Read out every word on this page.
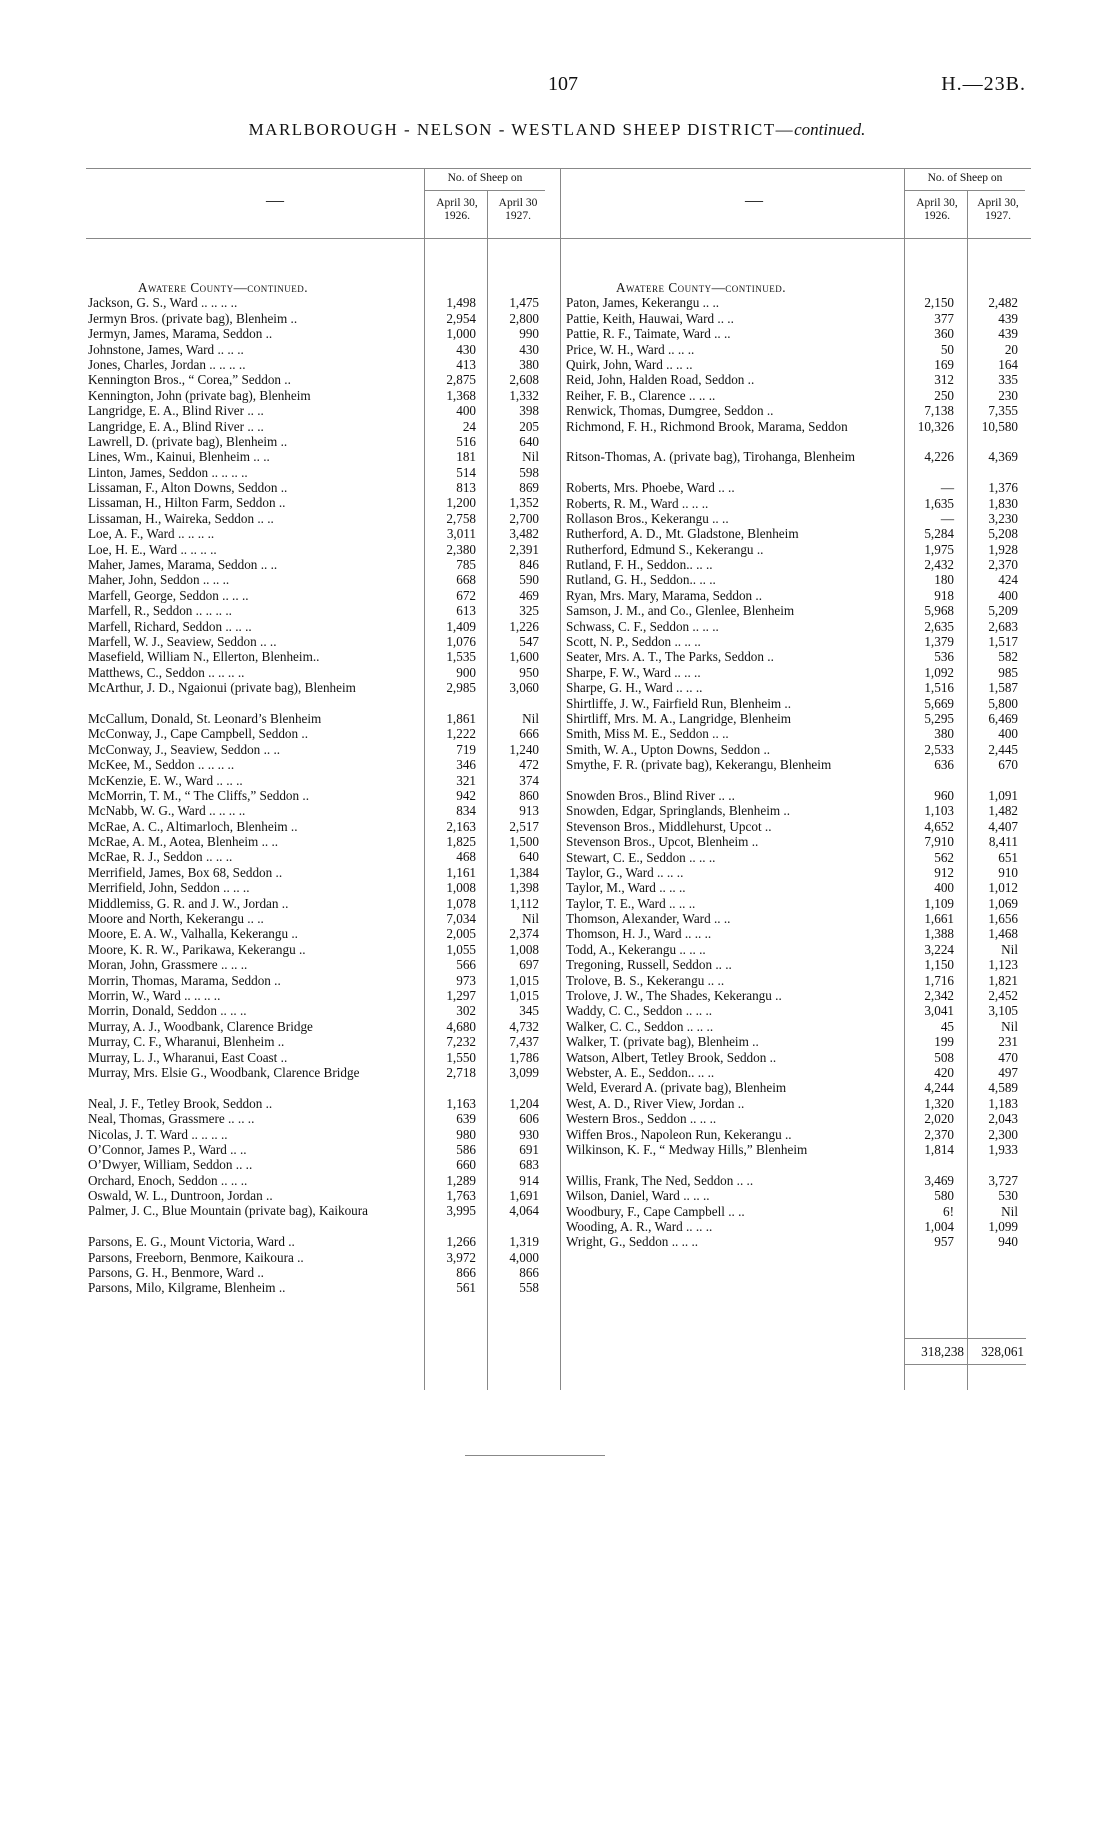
107	H.—23B.
MARLBOROUGH - NELSON - WESTLAND SHEEP DISTRICT—continued.
No. of Sheep on
April 30,
1926.
April 30
1927.
—
No. of Sheep on
April 30,
1926.
April 30,
1927.
—
Awatere County—continued.
Jackson, G. S., Ward .. .. .. ..	1,498	1,475
Jermyn Bros. (private bag), Blenheim ..	2,954	2,800
Jermyn, James, Marama, Seddon ..	1,000	990
Johnstone, James, Ward .. .. ..	430	430
Jones, Charles, Jordan .. .. .. ..	413	380
Kennington Bros., “ Corea,” Seddon ..	2,875	2,608
Kennington, John (private bag), Blenheim	1,368	1,332
Langridge, E. A., Blind River .. ..	400	398
Langridge, E. A., Blind River .. ..	24	205
Lawrell, D. (private bag), Blenheim ..	516	640
Lines, Wm., Kainui, Blenheim .. ..	181	Nil
Linton, James, Seddon .. .. .. ..	514	598
Lissaman, F., Alton Downs, Seddon ..	813	869
Lissaman, H., Hilton Farm, Seddon ..	1,200	1,352
Lissaman, H., Waireka, Seddon .. ..	2,758	2,700
Loe, A. F., Ward .. .. .. ..	3,011	3,482
Loe, H. E., Ward .. .. .. ..	2,380	2,391
Maher, James, Marama, Seddon .. ..	785	846
Maher, John, Seddon .. .. ..	668	590
Marfell, George, Seddon .. .. ..	672	469
Marfell, R., Seddon .. .. .. ..	613	325
Marfell, Richard, Seddon .. .. ..	1,409	1,226
Marfell, W. J., Seaview, Seddon .. ..	1,076	547
Masefield, William N., Ellerton, Blenheim..	1,535	1,600
Matthews, C., Seddon .. .. .. ..	900	950
McArthur, J. D., Ngaionui (private bag), Blenheim	2,985	3,060
McCallum, Donald, St. Leonard’s Blenheim	1,861	Nil
McConway, J., Cape Campbell, Seddon ..	1,222	666
McConway, J., Seaview, Seddon .. ..	719	1,240
McKee, M., Seddon .. .. .. ..	346	472
McKenzie, E. W., Ward .. .. ..	321	374
McMorrin, T. M., “ The Cliffs,” Seddon ..	942	860
McNabb, W. G., Ward .. .. .. ..	834	913
McRae, A. C., Altimarloch, Blenheim ..	2,163	2,517
McRae, A. M., Aotea, Blenheim .. ..	1,825	1,500
McRae, R. J., Seddon .. .. ..	468	640
Merrifield, James, Box 68, Seddon ..	1,161	1,384
Merrifield, John, Seddon .. .. ..	1,008	1,398
Middlemiss, G. R. and J. W., Jordan ..	1,078	1,112
Moore and North, Kekerangu .. ..	7,034	Nil
Moore, E. A. W., Valhalla, Kekerangu ..	2,005	2,374
Moore, K. R. W., Parikawa, Kekerangu ..	1,055	1,008
Moran, John, Grassmere .. .. ..	566	697
Morrin, Thomas, Marama, Seddon ..	973	1,015
Morrin, W., Ward .. .. .. ..	1,297	1,015
Morrin, Donald, Seddon .. .. ..	302	345
Murray, A. J., Woodbank, Clarence Bridge	4,680	4,732
Murray, C. F., Wharanui, Blenheim ..	7,232	7,437
Murray, L. J., Wharanui, East Coast ..	1,550	1,786
Murray, Mrs. Elsie G., Woodbank, Clarence Bridge	2,718	3,099
Neal, J. F., Tetley Brook, Seddon ..	1,163	1,204
Neal, Thomas, Grassmere .. .. ..	639	606
Nicolas, J. T. Ward .. .. .. ..	980	930
O’Connor, James P., Ward .. ..	586	691
O’Dwyer, William, Seddon .. ..	660	683
Orchard, Enoch, Seddon .. .. ..	1,289	914
Oswald, W. L., Duntroon, Jordan ..	1,763	1,691
Palmer, J. C., Blue Mountain (private bag), Kaikoura	3,995	4,064
Parsons, E. G., Mount Victoria, Ward ..	1,266	1,319
Parsons, Freeborn, Benmore, Kaikoura ..	3,972	4,000
Parsons, G. H., Benmore, Ward ..	866	866
Parsons, Milo, Kilgrame, Blenheim ..	561	558
Awatere County—continued.
Paton, James, Kekerangu .. ..	2,150	2,482
Pattie, Keith, Hauwai, Ward .. ..	377	439
Pattie, R. F., Taimate, Ward .. ..	360	439
Price, W. H., Ward .. .. ..	50	20
Quirk, John, Ward .. .. ..	169	164
Reid, John, Halden Road, Seddon ..	312	335
Reiher, F. B., Clarence .. .. ..	250	230
Renwick, Thomas, Dumgree, Seddon ..	7,138	7,355
Richmond, F. H., Richmond Brook, Marama, Seddon	10,326	10,580
Ritson-Thomas, A. (private bag), Tirohanga, Blenheim	4,226	4,369
Roberts, Mrs. Phoebe, Ward .. ..	—	1,376
Roberts, R. M., Ward .. .. ..	1,635	1,830
Rollason Bros., Kekerangu .. ..	—	3,230
Rutherford, A. D., Mt. Gladstone, Blenheim	5,284	5,208
Rutherford, Edmund S., Kekerangu ..	1,975	1,928
Rutland, F. H., Seddon.. .. ..	2,432	2,370
Rutland, G. H., Seddon.. .. ..	180	424
Ryan, Mrs. Mary, Marama, Seddon ..	918	400
Samson, J. M., and Co., Glenlee, Blenheim	5,968	5,209
Schwass, C. F., Seddon .. .. ..	2,635	2,683
Scott, N. P., Seddon .. .. ..	1,379	1,517
Seater, Mrs. A. T., The Parks, Seddon ..	536	582
Sharpe, F. W., Ward .. .. ..	1,092	985
Sharpe, G. H., Ward .. .. ..	1,516	1,587
Shirtliffe, J. W., Fairfield Run, Blenheim ..	5,669	5,800
Shirtliff, Mrs. M. A., Langridge, Blenheim	5,295	6,469
Smith, Miss M. E., Seddon .. ..	380	400
Smith, W. A., Upton Downs, Seddon ..	2,533	2,445
Smythe, F. R. (private bag), Kekerangu, Blenheim	636	670
Snowden Bros., Blind River .. ..	960	1,091
Snowden, Edgar, Springlands, Blenheim ..	1,103	1,482
Stevenson Bros., Middlehurst, Upcot ..	4,652	4,407
Stevenson Bros., Upcot, Blenheim ..	7,910	8,411
Stewart, C. E., Seddon .. .. ..	562	651
Taylor, G., Ward .. .. ..	912	910
Taylor, M., Ward .. .. ..	400	1,012
Taylor, T. E., Ward .. .. ..	1,109	1,069
Thomson, Alexander, Ward .. ..	1,661	1,656
Thomson, H. J., Ward .. .. ..	1,388	1,468
Todd, A., Kekerangu .. .. ..	3,224	Nil
Tregoning, Russell, Seddon .. ..	1,150	1,123
Trolove, B. S., Kekerangu .. ..	1,716	1,821
Trolove, J. W., The Shades, Kekerangu ..	2,342	2,452
Waddy, C. C., Seddon .. .. ..	3,041	3,105
Walker, C. C., Seddon .. .. ..	45	Nil
Walker, T. (private bag), Blenheim ..	199	231
Watson, Albert, Tetley Brook, Seddon ..	508	470
Webster, A. E., Seddon.. .. ..	420	497
Weld, Everard A. (private bag), Blenheim	4,244	4,589
West, A. D., River View, Jordan ..	1,320	1,183
Western Bros., Seddon .. .. ..	2,020	2,043
Wiffen Bros., Napoleon Run, Kekerangu ..	2,370	2,300
Wilkinson, K. F., “ Medway Hills,” Blenheim	1,814	1,933
Willis, Frank, The Ned, Seddon .. ..	3,469	3,727
Wilson, Daniel, Ward .. .. ..	580	530
Woodbury, F., Cape Campbell .. ..	6!	Nil
Wooding, A. R., Ward .. .. ..	1,004	1,099
Wright, G., Seddon .. .. ..	957	940
318,238	328,061
